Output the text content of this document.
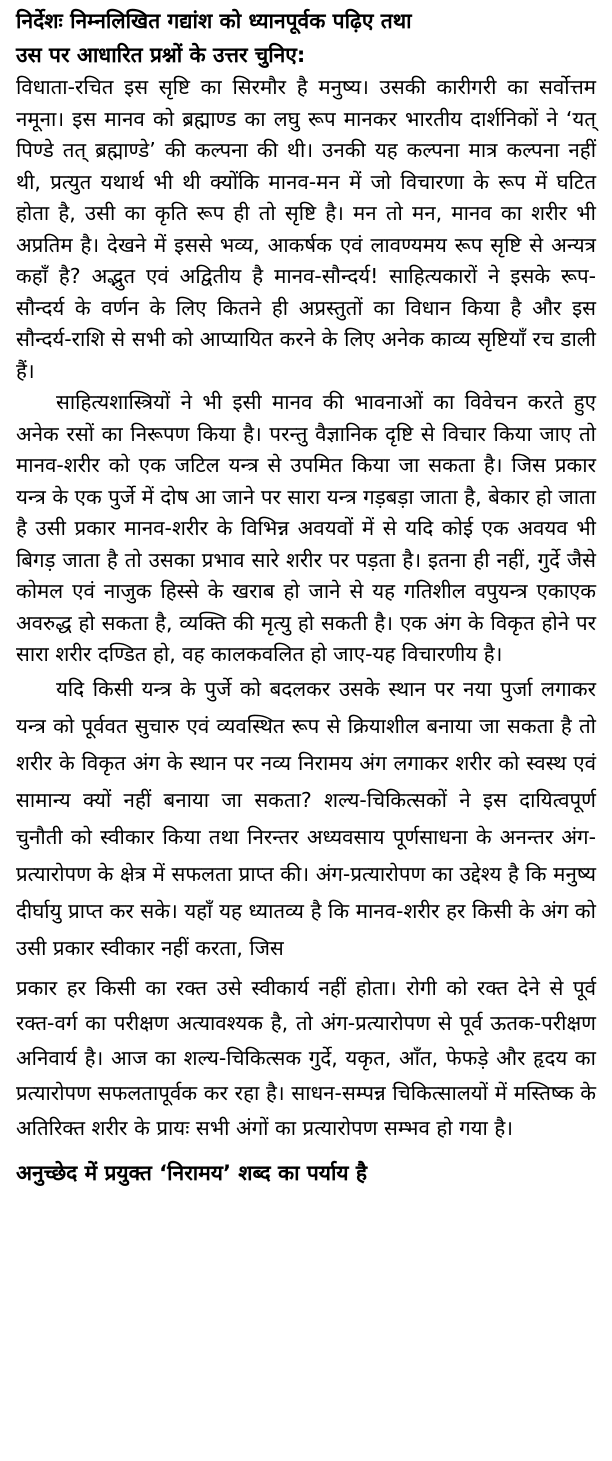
निर्देशः निम्नलिखित गद्यांश को ध्यानपूर्वक पढ़िए तथा
उस पर आधारित प्रश्नों के उत्तर चुनिए:

विधाता-रचित इस सृष्टि का सिरमौर है मनुष्य। उसकी कारीगरी का सर्वोत्तम नमूना। इस मानव को ब्रह्माण्ड का लघु रूप मानकर भारतीय दार्शनिकों ने ‘यत् पिण्डे तत् ब्रह्माण्डे’ की कल्पना की थी। उनकी यह कल्पना मात्र कल्पना नहीं थी, प्रत्युत यथार्थ भी थी क्योंकि मानव-मन में जो विचारणा के रूप में घटित होता है, उसी का कृति रूप ही तो सृष्टि है। मन तो मन, मानव का शरीर भी अप्रतिम है। देखने में इससे भव्य, आकर्षक एवं लावण्यमय रूप सृष्टि से अन्यत्र कहाँ है? अद्भुत एवं अद्वितीय है मानव-सौन्दर्य! साहित्यकारों ने इसके रूप-सौन्दर्य के वर्णन के लिए कितने ही अप्रस्तुतों का विधान किया है और इस सौन्दर्य-राशि से सभी को आप्यायित करने के लिए अनेक काव्य सृष्टियाँ रच डाली हैं।

साहित्यशास्त्रियों ने भी इसी मानव की भावनाओं का विवेचन करते हुए अनेक रसों का निरूपण किया है। परन्तु वैज्ञानिक दृष्टि से विचार किया जाए तो मानव-शरीर को एक जटिल यन्त्र से उपमित किया जा सकता है। जिस प्रकार यन्त्र के एक पुर्जे में दोष आ जाने पर सारा यन्त्र गड़बड़ा जाता है, बेकार हो जाता है उसी प्रकार मानव-शरीर के विभिन्न अवयवों में से यदि कोई एक अवयव भी बिगड़ जाता है तो उसका प्रभाव सारे शरीर पर पड़ता है। इतना ही नहीं, गुर्दे जैसे कोमल एवं नाजुक हिस्से के खराब हो जाने से यह गतिशील वपुयन्त्र एकाएक अवरुद्ध हो सकता है, व्यक्ति की मृत्यु हो सकती है। एक अंग के विकृत होने पर सारा शरीर दण्डित हो, वह कालकवलित हो जाए-यह विचारणीय है।

यदि किसी यन्त्र के पुर्जे को बदलकर उसके स्थान पर नया पुर्जा लगाकर यन्त्र को पूर्ववत सुचारु एवं व्यवस्थित रूप से क्रियाशील बनाया जा सकता है तो शरीर के विकृत अंग के स्थान पर नव्य निरामय अंग लगाकर शरीर को स्वस्थ एवं सामान्य क्यों नहीं बनाया जा सकता? शल्य-चिकित्सकों ने इस दायित्वपूर्ण चुनौती को स्वीकार किया तथा निरन्तर अध्यवसाय पूर्णसाधना के अनन्तर अंग-प्रत्यारोपण के क्षेत्र में सफलता प्राप्त की। अंग-प्रत्यारोपण का उद्देश्य है कि मनुष्य दीर्घायु प्राप्त कर सके। यहाँ यह ध्यातव्य है कि मानव-शरीर हर किसी के अंग को उसी प्रकार स्वीकार नहीं करता, जिस

प्रकार हर किसी का रक्त उसे स्वीकार्य नहीं होता। रोगी को रक्त देने से पूर्व रक्त-वर्ग का परीक्षण अत्यावश्यक है, तो अंग-प्रत्यारोपण से पूर्व ऊतक-परीक्षण अनिवार्य है। आज का शल्य-चिकित्सक गुर्दे, यकृत, आँत, फेफड़े और हृदय का प्रत्यारोपण सफलतापूर्वक कर रहा है। साधन-सम्पन्न चिकित्सालयों में मस्तिष्क के अतिरिक्त शरीर के प्रायः सभी अंगों का प्रत्यारोपण सम्भव हो गया है।

अनुच्छेद में प्रयुक्त ‘निरामय’ शब्द का पर्याय है
